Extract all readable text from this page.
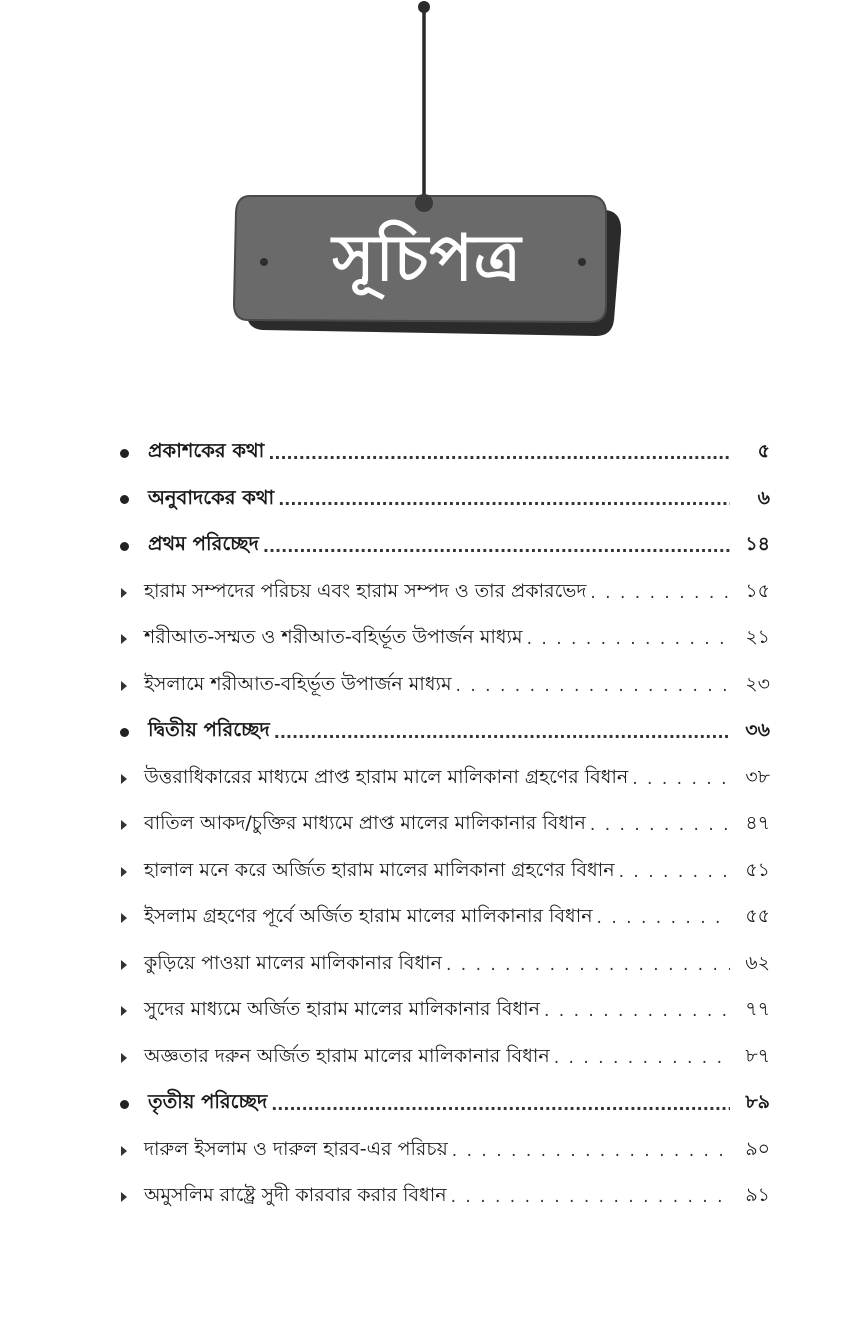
সূচিপত্র
প্রকাশকের কথা .....	৫
অনুবাদকের কথা .....	৬
প্রথম পরিচ্ছেদ .....	১৪
হারাম সম্পদের পরিচয় এবং হারাম সম্পদ ও তার প্রকারভেদ . . .	১৫
শরীআত-সম্মত ও শরীআত-বহির্ভূত উপার্জন মাধ্যম . . .	২১
ইসলামে শরীআত-বহির্ভূত উপার্জন মাধ্যম . . .	২৩
দ্বিতীয় পরিচ্ছেদ .....	৩৬
উত্তরাধিকারের মাধ্যমে প্রাপ্ত হারাম মালে মালিকানা গ্রহণের বিধান . . .	৩৮
বাতিল আকদ/চুক্তির মাধ্যমে প্রাপ্ত মালের মালিকানার বিধান . . .	৪৭
হালাল মনে করে অর্জিত হারাম মালের মালিকানা গ্রহণের বিধান . . .	৫১
ইসলাম গ্রহণের পূর্বে অর্জিত হারাম মালের মালিকানার বিধান . . .	৫৫
কুড়িয়ে পাওয়া মালের মালিকানার বিধান . . .	৬২
সুদের মাধ্যমে অর্জিত হারাম মালের মালিকানার বিধান . . .	৭৭
অজ্ঞতার দরুন অর্জিত হারাম মালের মালিকানার বিধান . . .	৮৭
তৃতীয় পরিচ্ছেদ .....	৮৯
দারুল ইসলাম ও দারুল হারব-এর পরিচয় . . .	৯০
অমুসলিম রাষ্ট্রে সুদী কারবার করার বিধান . . .	৯১
